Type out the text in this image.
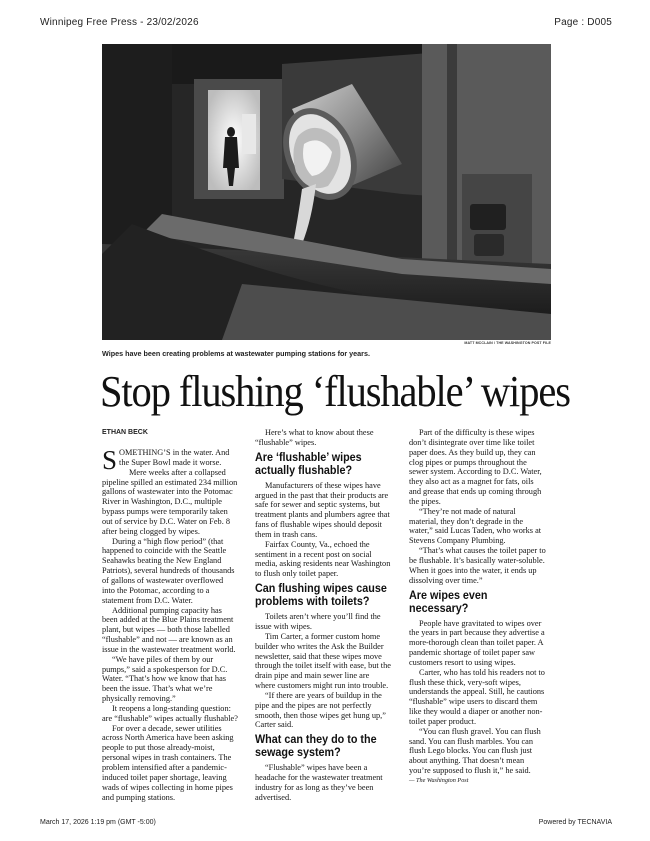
Winnipeg Free Press - 23/02/2026	Page : D005
MATT MCCLAIN / THE WASHINGTON POST FILE
Wipes have been creating problems at wastewater pumping stations for years.
Stop flushing ‘flushable’ wipes
ETHAN BECK

SOMETHING’S in the water. And the Super Bowl made it worse.

Mere weeks after a collapsed pipeline spilled an estimated 234 million gallons of wastewater into the Potomac River in Washington, D.C., multiple bypass pumps were temporarily taken out of service by D.C. Water on Feb. 8 after being clogged by wipes.

During a “high flow period” (that happened to coincide with the Seattle Seahawks beating the New England Patriots), several hundreds of thousands of gallons of wastewater overflowed into the Potomac, according to a statement from D.C. Water.

Additional pumping capacity has been added at the Blue Plains treatment plant, but wipes — both those labelled “flushable” and not — are known as an issue in the wastewater treatment world.

“We have piles of them by our pumps,” said a spokesperson for D.C. Water. “That’s how we know that has been the issue. That’s what we’re physically removing.”

It reopens a long-standing question: are “flushable” wipes actually flushable?

For over a decade, sewer utilities across North America have been asking people to put those already-moist, personal wipes in trash containers. The problem intensified after a pandemic-induced toilet paper shortage, leaving wads of wipes collecting in home pipes and pumping stations.

Here’s what to know about these “flushable” wipes.

Are ‘flushable’ wipes actually flushable?

Manufacturers of these wipes have argued in the past that their products are safe for sewer and septic systems, but treatment plants and plumbers agree that fans of flushable wipes should deposit them in trash cans.

Fairfax County, Va., echoed the sentiment in a recent post on social media, asking residents near Washington to flush only toilet paper.

Can flushing wipes cause problems with toilets?

Toilets aren’t where you’ll find the issue with wipes.

Tim Carter, a former custom home builder who writes the Ask the Builder newsletter, said that these wipes move through the toilet itself with ease, but the drain pipe and main sewer line are where customers might run into trouble.

“If there are years of buildup in the pipe and the pipes are not perfectly smooth, then those wipes get hung up,” Carter said.

What can they do to the sewage system?

“Flushable” wipes have been a headache for the wastewater treatment industry for as long as they’ve been advertised.

Part of the difficulty is these wipes don’t disintegrate over time like toilet paper does. As they build up, they can clog pipes or pumps throughout the sewer system. According to D.C. Water, they also act as a magnet for fats, oils and grease that ends up coming through the pipes.

“They’re not made of natural material, they don’t degrade in the water,” said Lucas Taden, who works at Stevens Company Plumbing.

“That’s what causes the toilet paper to be flushable. It’s basically water-soluble. When it goes into the water, it ends up dissolving over time.”

Are wipes even necessary?

People have gravitated to wipes over the years in part because they advertise a more-thorough clean than toilet paper. A pandemic shortage of toilet paper saw customers resort to using wipes.

Carter, who has told his readers not to flush these thick, very-soft wipes, understands the appeal. Still, he cautions “flushable” wipe users to discard them like they would a diaper or another non-toilet paper product.

“You can flush gravel. You can flush sand. You can flush marbles. You can flush Lego blocks. You can flush just about anything. That doesn’t mean you’re supposed to flush it,” he said.

— The Washington Post

March 17, 2026 1:19 pm (GMT -5:00)	Powered by TECNAVIA
